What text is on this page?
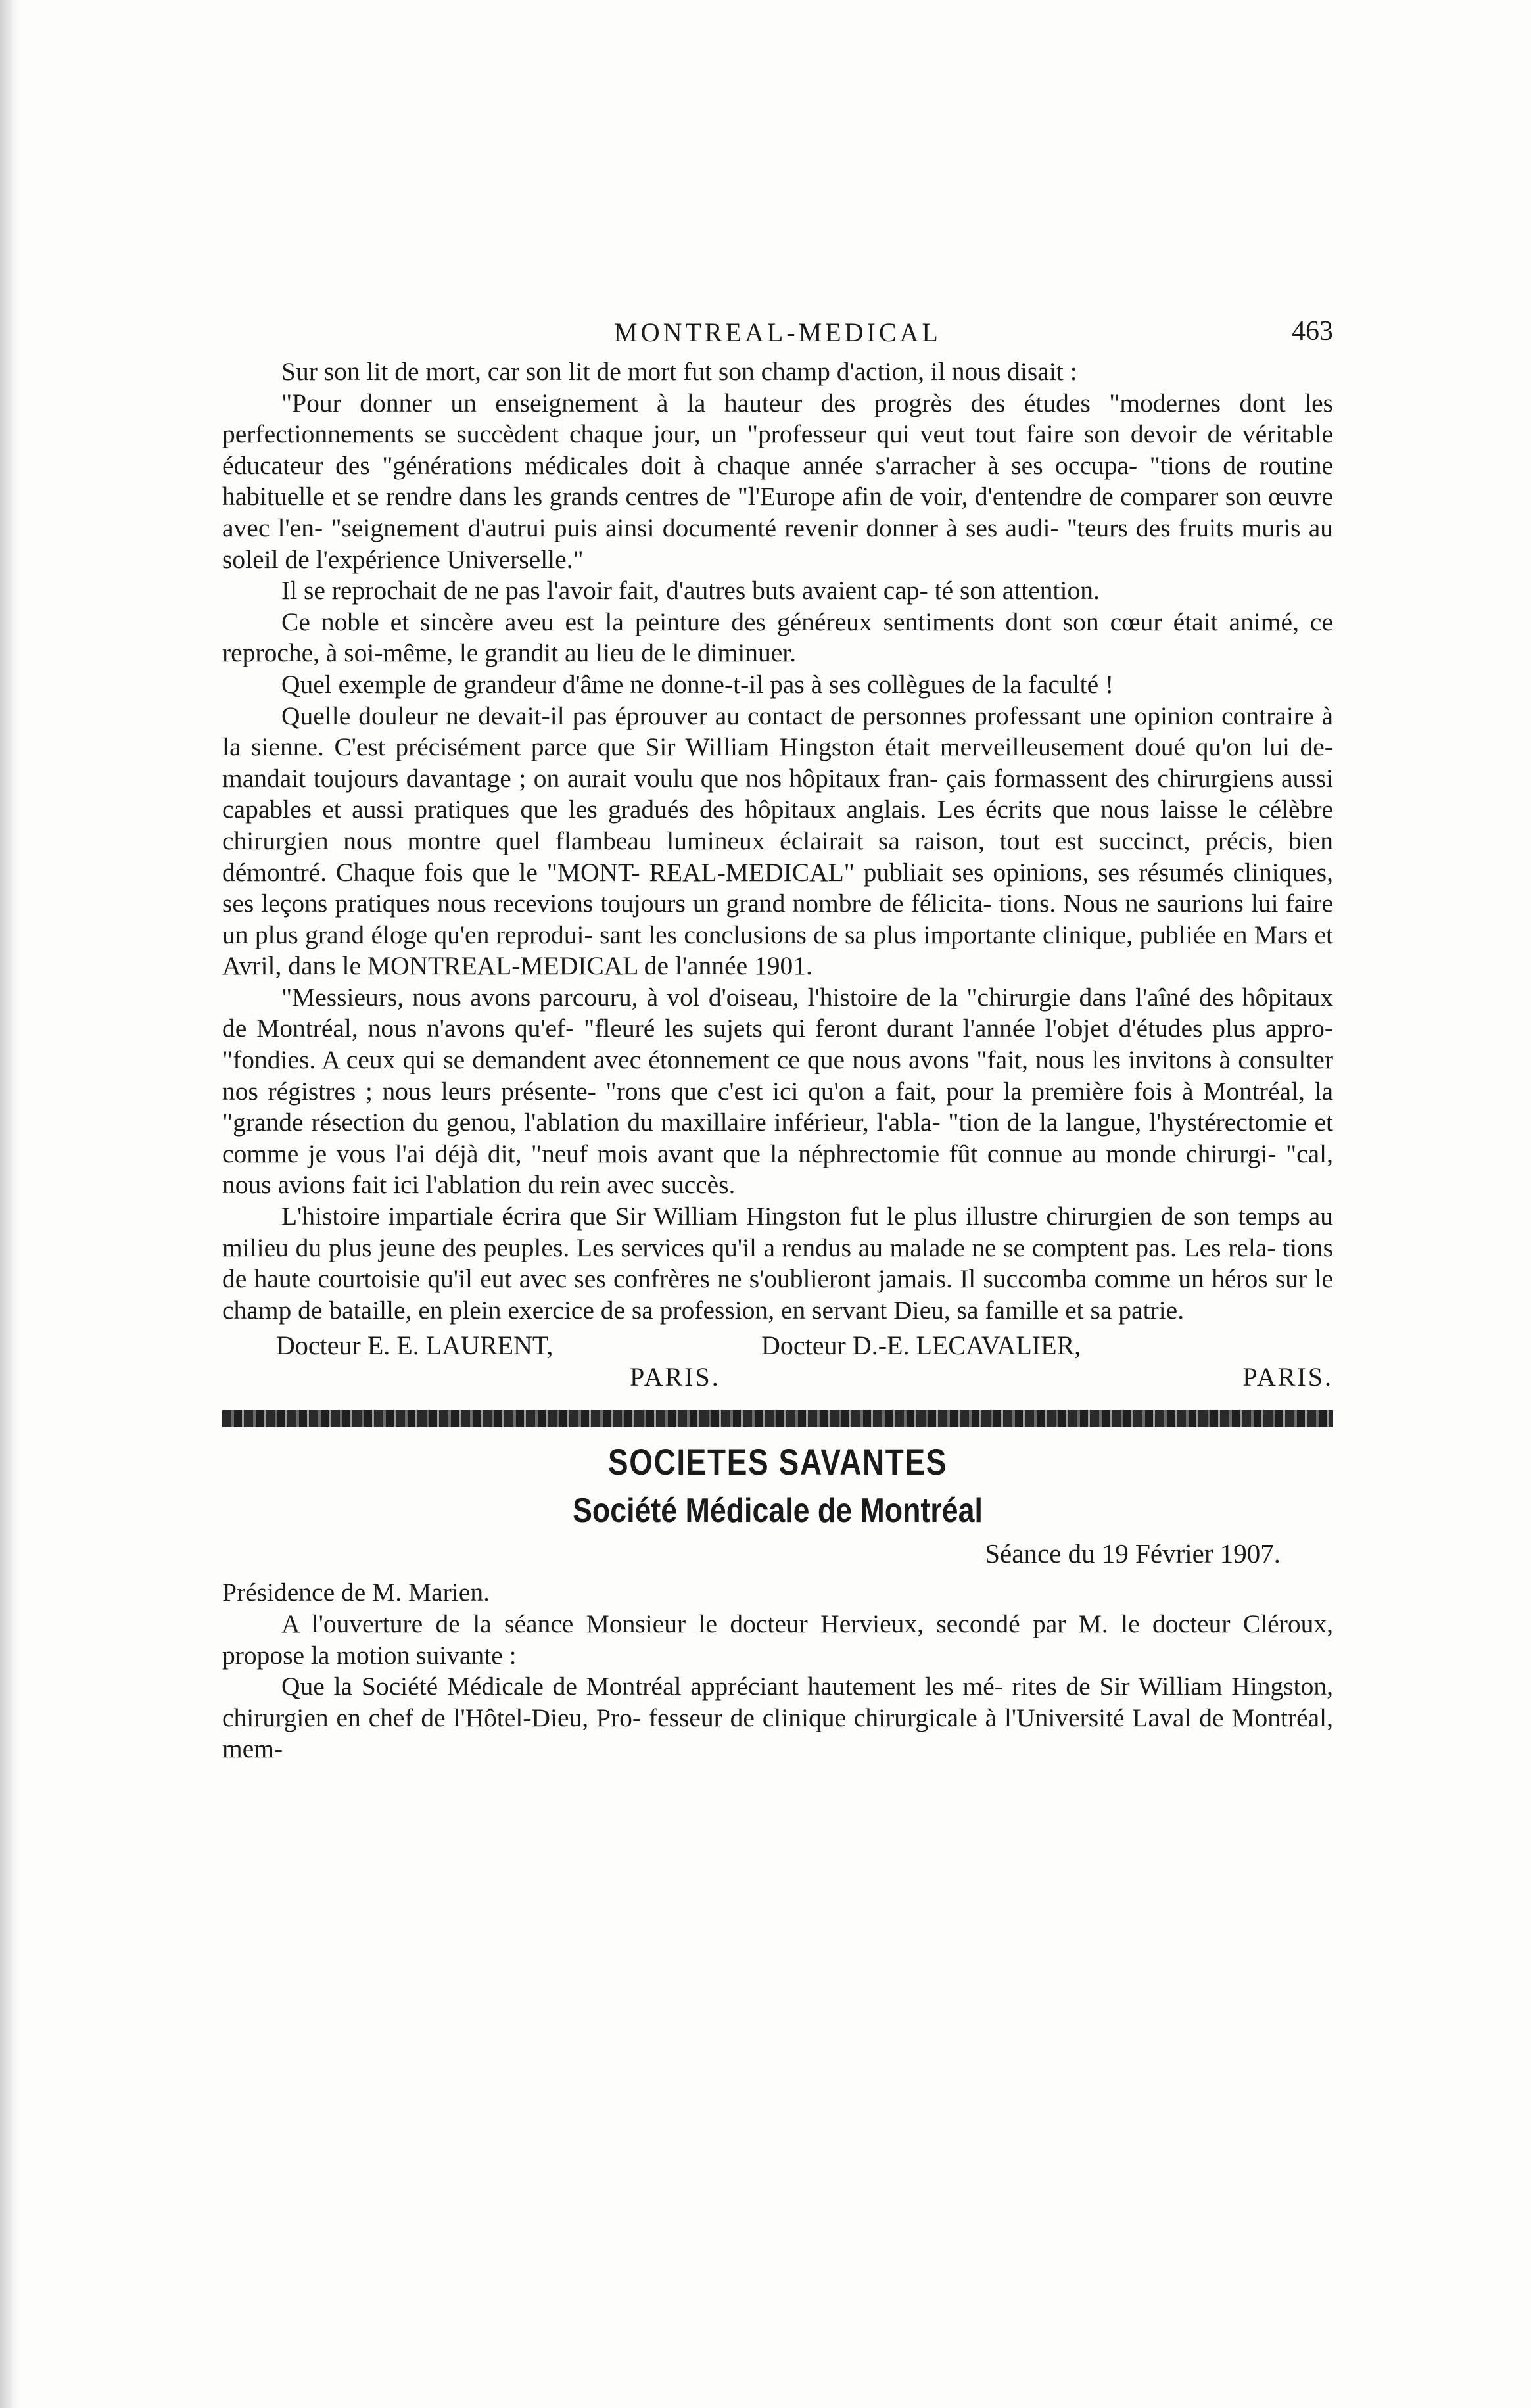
MONTREAL-MEDICAL	463

Sur son lit de mort, car son lit de mort fut son champ d'action, il nous disait :

"Pour donner un enseignement à la hauteur des progrès des études "modernes dont les perfectionnements se succèdent chaque jour, un "professeur qui veut tout faire son devoir de véritable éducateur des "générations médicales doit à chaque année s'arracher à ses occupa- "tions de routine habituelle et se rendre dans les grands centres de "l'Europe afin de voir, d'entendre de comparer son œuvre avec l'en- "seignement d'autrui puis ainsi documenté revenir donner à ses audi- "teurs des fruits muris au soleil de l'expérience Universelle."

Il se reprochait de ne pas l'avoir fait, d'autres buts avaient cap- té son attention.

Ce noble et sincère aveu est la peinture des généreux sentiments dont son cœur était animé, ce reproche, à soi-même, le grandit au lieu de le diminuer.

Quel exemple de grandeur d'âme ne donne-t-il pas à ses collègues de la faculté !

Quelle douleur ne devait-il pas éprouver au contact de personnes professant une opinion contraire à la sienne. C'est précisément parce que Sir William Hingston était merveilleusement doué qu'on lui de- mandait toujours davantage ; on aurait voulu que nos hôpitaux fran- çais formassent des chirurgiens aussi capables et aussi pratiques que les gradués des hôpitaux anglais. Les écrits que nous laisse le célèbre chirurgien nous montre quel flambeau lumineux éclairait sa raison, tout est succinct, précis, bien démontré. Chaque fois que le "MONT- REAL-MEDICAL" publiait ses opinions, ses résumés cliniques, ses leçons pratiques nous recevions toujours un grand nombre de félicita- tions. Nous ne saurions lui faire un plus grand éloge qu'en reprodui- sant les conclusions de sa plus importante clinique, publiée en Mars et Avril, dans le MONTREAL-MEDICAL de l'année 1901.

"Messieurs, nous avons parcouru, à vol d'oiseau, l'histoire de la "chirurgie dans l'aîné des hôpitaux de Montréal, nous n'avons qu'ef- "fleuré les sujets qui feront durant l'année l'objet d'études plus appro- "fondies. A ceux qui se demandent avec étonnement ce que nous avons "fait, nous les invitons à consulter nos régistres ; nous leurs présente- "rons que c'est ici qu'on a fait, pour la première fois à Montréal, la "grande résection du genou, l'ablation du maxillaire inférieur, l'abla- "tion de la langue, l'hystérectomie et comme je vous l'ai déjà dit, "neuf mois avant que la néphrectomie fût connue au monde chirurgi- "cal, nous avions fait ici l'ablation du rein avec succès.

L'histoire impartiale écrira que Sir William Hingston fut le plus illustre chirurgien de son temps au milieu du plus jeune des peuples. Les services qu'il a rendus au malade ne se comptent pas. Les rela- tions de haute courtoisie qu'il eut avec ses confrères ne s'oublieront jamais. Il succomba comme un héros sur le champ de bataille, en plein exercice de sa profession, en servant Dieu, sa famille et sa patrie.

Docteur E. E. LAURENT,	Docteur D.-E. LECAVALIER,
PARIS.	PARIS.
SOCIETES SAVANTES
Société Médicale de Montréal
Séance du 19 Février 1907.

Présidence de M. Marien.

A l'ouverture de la séance Monsieur le docteur Hervieux, secondé par M. le docteur Cléroux, propose la motion suivante :

Que la Société Médicale de Montréal appréciant hautement les mé- rites de Sir William Hingston, chirurgien en chef de l'Hôtel-Dieu, Pro- fesseur de clinique chirurgicale à l'Université Laval de Montréal, mem-
